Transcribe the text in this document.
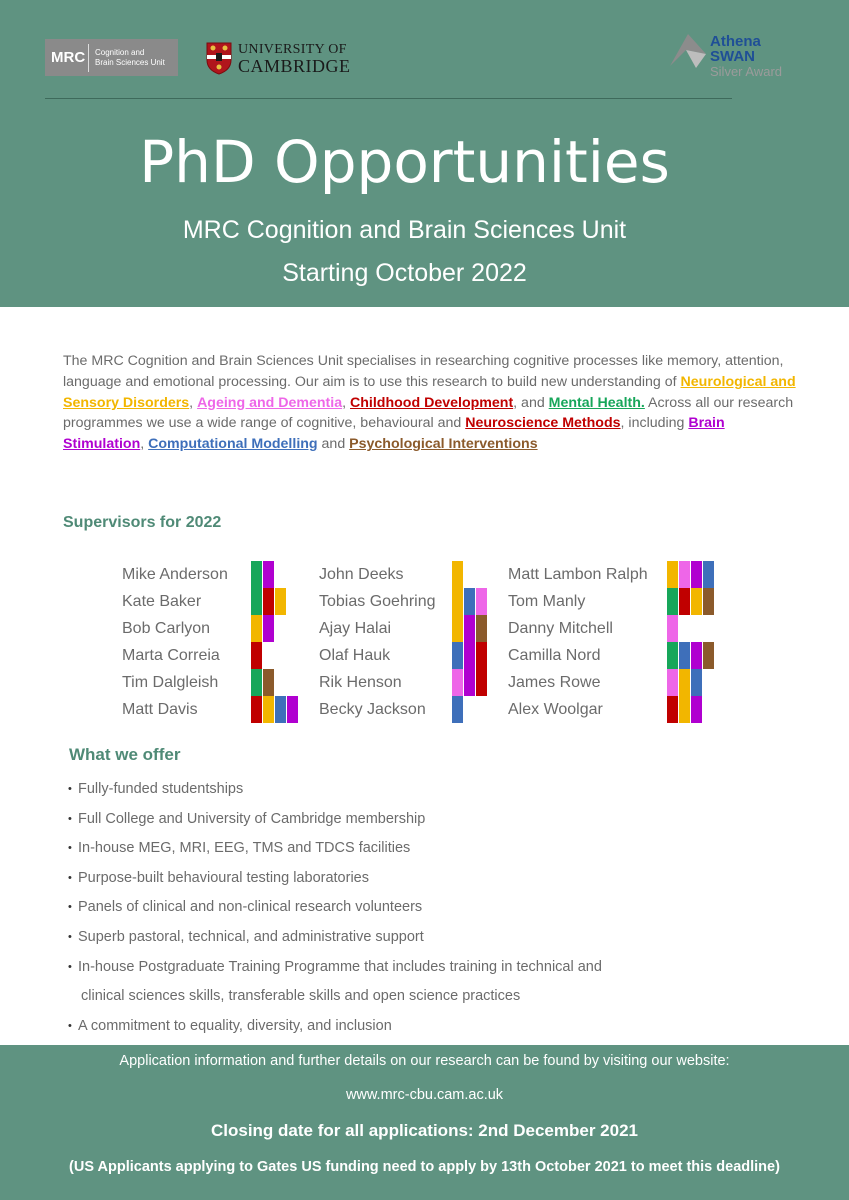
MRC	Cognition and
Brain Sciences Unit
UNIVERSITY OF
CAMBRIDGE
Athena
SWAN
Silver Award
PhD Opportunities
MRC Cognition and Brain Sciences Unit
Starting October 2022

The MRC Cognition and Brain Sciences Unit specialises in researching cognitive processes like memory, attention, language and emotional processing. Our aim is to use this research to build new understanding of Neurological and Sensory Disorders, Ageing and Dementia, Childhood Development, and Mental Health. Across all our research programmes we use a wide range of cognitive, behavioural and Neuroscience Methods, including Brain Stimulation, Computational Modelling and Psychological Interventions

Supervisors for 2022
Mike Anderson
Kate Baker
Bob Carlyon
Marta Correia
Tim Dalgleish
Matt Davis
John Deeks
Tobias Goehring
Ajay Halai
Olaf Hauk
Rik Henson
Becky Jackson
Matt Lambon Ralph
Tom Manly
Danny Mitchell
Camilla Nord
James Rowe
Alex Woolgar
What we offer
• Fully-funded studentships
• Full College and University of Cambridge membership
• In-house MEG, MRI, EEG, TMS and TDCS facilities
• Purpose-built behavioural testing laboratories
• Panels of clinical and non-clinical research volunteers
• Superb pastoral, technical, and administrative support
• In-house Postgraduate Training Programme that includes training in technical and
clinical sciences skills, transferable skills and open science practices
• A commitment to equality, diversity, and inclusion
Application information and further details on our research can be found by visiting our website:
www.mrc-cbu.cam.ac.uk
Closing date for all applications: 2nd December 2021
(US Applicants applying to Gates US funding need to apply by 13th October 2021 to meet this deadline)
